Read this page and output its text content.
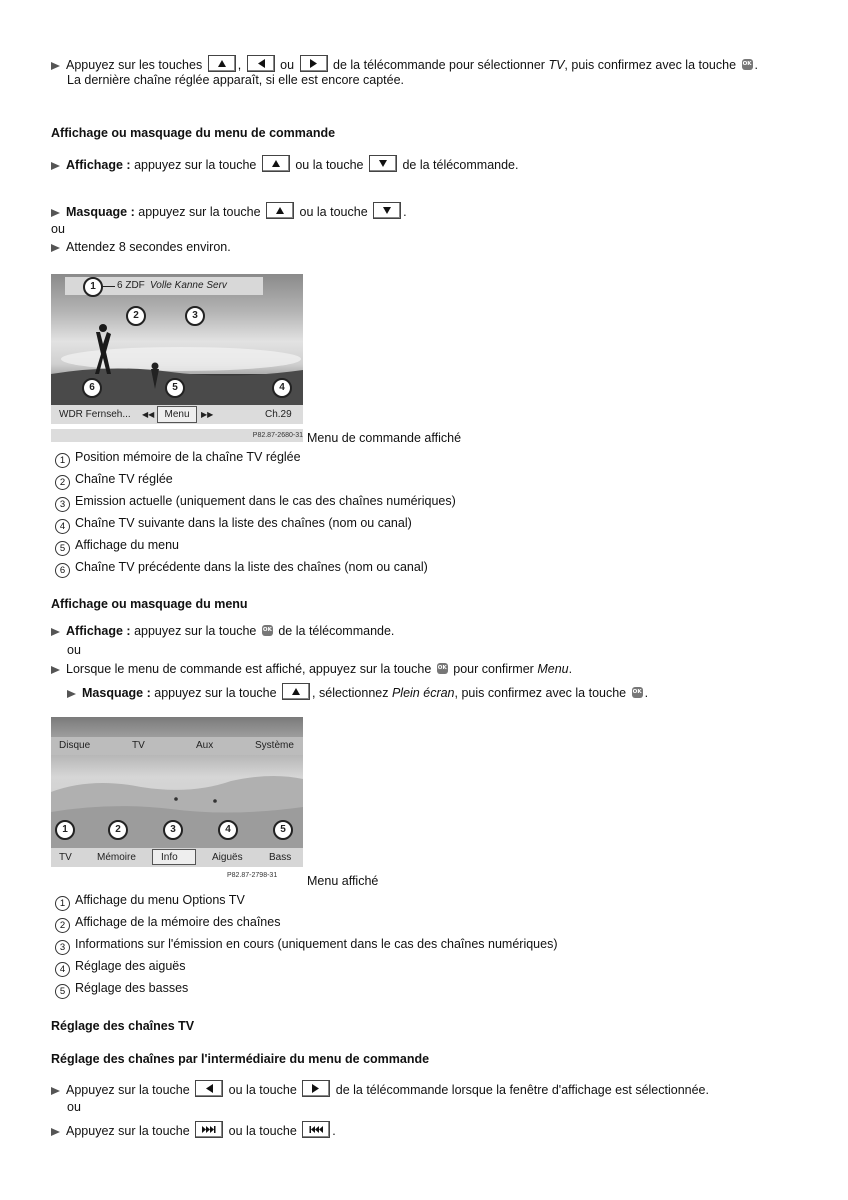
Appuyez sur les touches	,	ou	de la télécommande pour sélectionner TV, puis confirmez avec la touche OK .
La dernière chaîne réglée apparaît, si elle est encore captée.
Affichage ou masquage du menu de commande
Affichage : appuyez sur la touche	ou la touche	de la télécommande.
Masquage : appuyez sur la touche	ou la touche	.
ou
Attendez 8 secondes environ.
6 ZDF Volle Kanne Serv
1
2	3
6	5	4
WDR Fernseh... ◀◀	Menu	▶▶	Ch.29
P82.87-2680-31 Menu de commande affiché
1 Position mémoire de la chaîne TV réglée
2 Chaîne TV réglée
3 Emission actuelle (uniquement dans le cas des chaînes numériques)
4 Chaîne TV suivante dans la liste des chaînes (nom ou canal)
5 Affichage du menu
6 Chaîne TV précédente dans la liste des chaînes (nom ou canal)
Affichage ou masquage du menu
Affichage : appuyez sur la touche OK de la télécommande.
ou
Lorsque le menu de commande est affiché, appuyez sur la touche OK pour confirmer Menu.
Masquage : appuyez sur la touche	, sélectionnez Plein écran, puis confirmez avec la touche OK .
Disque	TV	Aux	Système
1	2	3	4	5
TV	Mémoire	Info	Aiguës	Bass
P82.87-2798-31 Menu affiché
1 Affichage du menu Options TV
2 Affichage de la mémoire des chaînes
3 Informations sur l'émission en cours (uniquement dans le cas des chaînes numériques)
4 Réglage des aiguës
5 Réglage des basses
Réglage des chaînes TV
Réglage des chaînes par l'intermédiaire du menu de commande
Appuyez sur la touche	ou la touche	de la télécommande lorsque la fenêtre d'affichage est sélectionnée.
ou
Appuyez sur la touche	ou la touche	.
